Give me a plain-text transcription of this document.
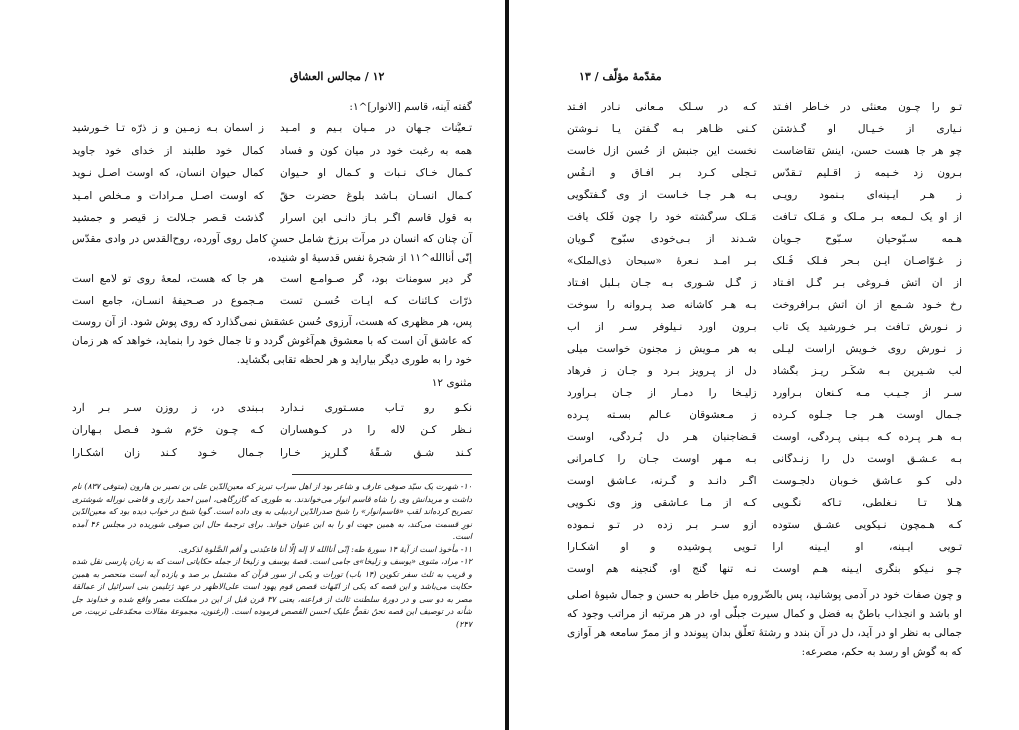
۱۲ / مجالس العشاق

گفته آینه، قاسم [الانوار]^۱:

تـعیُّنات جـهان در مـیان بـیم و امـید
ز آسمان بـه زمـین و ز ذرّه تـا خـورشید
همه به رغبت خود در میان کون و فساد
کمال خود طلبند از خدای خود جاوید
کـمال خـاک نـبات و کـمال او حـیوان
کمال حیوان انسان، که اوست اصـل نـوید
کـمال انسـان بـاشد بلوغ حضرت حقّ
که اوست اصـل مـرادات و مـخلص امـید
به قول قاسم اگـر بـاز دانـی این اسرار
گذشت قـصر جـلالت ز قیصر و جمشید

آن چنان که انسان در مرآت برزخ شامل حسنِ کامل روی آورده، روح‌القدس در وادی مقدّس إنّی أنا‌الله^۱۱ از شجرۀ نفس قدسیۀ او شنیده،

گر دیر سومنات بود، گر صـوامـع است
هر جا که هست، لمعۀ روی تو لامع است
ذرّات کـائنات کـه آیـات حُسـن تست
مـجموع در صـحیفۀ انسـان، جامع است

پس، هر مظهری که هست، آرزوی حُسن عشقش نمی‌گذارد که روی پوش شود. از آن روست که عاشق آن است که با معشوق هم‌آغوش گردد و تا جمال خود را بنماید، خواهد که هر زمان خود را به طوری دیگر بیاراید و هر لحظه تقابی بگشاید.

مثنوی ۱۲

نکـو رو تـاب مسـتوری نـدارد
بـبندی در، ز روزن سـر بـر آرد
نـظر کـن لاله را در کـوهساران
کـه چـون خرّم شـود فـصل بـهاران
کـند شـق شـقّۀ گـلریز خـارا
جـمال خـود کـند زان آشکـارا

۱۰- شهرت یک سیّد صوفی عارف و شاعر بود از اهل سراب تبریز که معین‌الدّین علی بن نصیر بن هارون (متوفی ۸۳۷) نام داشت و مریدانش وی را شاه قاسم انوار می‌خواندند. به طوری که گازرگاهی، امین احمد رازی و قاضی نوراله شوشتری تصریح کرده‌اند لقب «قاسم‌انوار» را شیخ صدرالدّین اردبیلی به وی داده است. گویا شیخ در خواب دیده بود که معین‌الدّین نورِ قسمت می‌کند، به همین جهت او را به این عنوان خواند. برای ترجمۀ حال این صوفی شوریده در مجلس ۴۶ آمده است.

۱۱- مأخوذ است از آیۀ ۱۴ سورۀ طه: إنّی أنا‌الله لا إله إلّا أنا فاعبُدنی و أقم الصَّلوة لذکری.

۱۲- مراد، مثنوی «یوسف و زلیخا»ی جامی است. قصۀ یوسف و زلیخا از جمله حکایاتی است که به زبان پارسی نقل شده و قریب به ثلث سفر تکوین (۱۴ باب) تورات و یکی از سور قرآن که مشتمل بر صد و یازده آیه است منحصر به همین حکایت می‌باشد و این قصه که یکی از امّهات قصص قوم یهود است علی‌الاظهر در عهد ژتلیمن بنی اسرائیل از عمالقۀ مصر به دو سی و در دورۀ سلطنت ثالث از فراعنه، یعنی ۳۷ قرن قبل از این در مملکت مصر واقع شده و خداوند جل شأنه در توصیف این قصه نحنُ نقصُّ علیک احسن القصص فرموده است. (ارغنون، مجموعۀ مقالات محمّدعلی تربیت، ص ۲۴۷)

مقدّمۀ مؤلّف / ۱۳
تـو را چـون معنئی در خـاطر افـتد
کـه در سـلک مـعانی نـادر افـتد
نـیاری از خـیـال او گـذشتن
کـنی ظـاهر بـه گـفتن یـا نـوشتن
چو هر جا هست حسن، اینش تقاضاست
نخست این جنبش از حُسن ازل خاست
بـرون زد خـیمه ز اقـلیم تـقدّس
تـجلّی کـرد بـر آفـاق و أنـفُس
ز هـر آیـینه‌ای بـنمود رویـی
بـه هـر جـا خـاست از وی گـفتگویی
از او یک لـمعه بـر مـلک و مَـلک تـافت
مَـلک سرگشته خود را چون فَلک یافت
هـمه سـبّوحیان سـبّوح جـویان
شـدند از بـی‌خودی سبّوح گـویان
ز غـوّاصـان ایـن بـحر فـلک فُـلک
بـر آمـد نـعرۀ «سبحان ذی‌الملک»
از آن آتش فـروغی بـر گـل افـتاد
ز گـل شـوری بـه جـان بـلبل افـتاد
رخ خـود شـمع از آن آتش بـرافروخت
بـه هـر کاشانه صد پـروانه را سوخت
ز نـورش تـافت بـر خـورشید یک تاب
بـرون آورد نـیلوفر سـر از آب
ز نـورش روی خـویش آراست لیـلی
به هر مـویش ز مجنون خواست میلی
لب شـیرین بـه شکّـر ریـز بگشاد
دل از پـرویز بـرد و جـان ز فرهاد
سـر از جـیـب مـه کـنعان بـرآورد
زلیـخا را دمـار از جـان بـرآورد
جـمال اوست هـر جـا جـلوه کـرده
ز مـعشوقان عـالم بسـته پـرده
بـه هـر پـرده کـه بـینی پـردگی، اوست
قـضاجنبان هـر دل بُـردگی، اوست
بـه عـشـق اوست دل را زنـدگانی
بـه مـهر اوست جـان را کـامرانی
دلی کـو عـاشق خـوبان دلجـوست
اگـر دانـد و گـرنه، عـاشق اوست
هـلا تـا نـغلطی، تـاکه نگـویی
کـه از مـا عـاشقی وز وی نکـویی
کـه هـمچون نـیکویی عشـق ستوده
ازو سـر بـر زده در تـو نـموده
تـویی آیـینه، او آیـینه آرا
تـویی پـوشیده و او آشکـارا
چـو نـیکو بنگری آیـینه هـم اوست
نـه تنها گنج او، گنجینه هم اوست

و چون صفات خود در آدمی پوشانید، پس بالضّروره میل خاطر به حسن و جمال شیوۀ اصلی او باشد و انجذاب باطنْ به فضل و کمال سیرت جبلّی او، در هر مرتبه از مراتب وجود که جمالی به نظر او در آید، دل در آن بندد و رشتۀ تعلّق بدان پیوندد و از ممرّ سامعه هر آوازی که به گوش او رسد به حکم، مصرعه:
